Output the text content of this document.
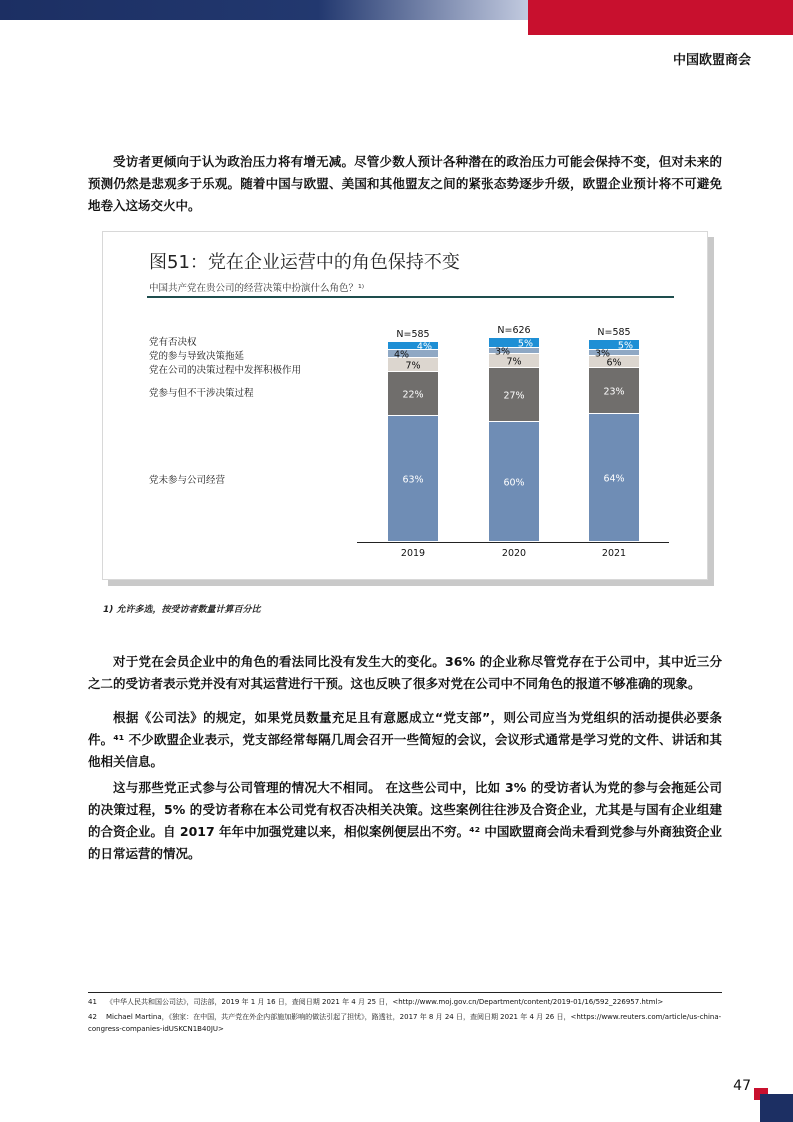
中国欧盟商会

受访者更倾向于认为政治压力将有增无减。尽管少数人预计各种潜在的政治压力可能会保持不变，但对未来的预测仍然是悲观多于乐观。随着中国与欧盟、美国和其他盟友之间的紧张态势逐步升级，欧盟企业预计将不可避免地卷入这场交火中。

图51：党在企业运营中的角色保持不变
中国共产党在贵公司的经营决策中扮演什么角色？¹⁾
党有否决权
党的参与导致决策拖延
党在公司的决策过程中发挥积极作用
党参与但不干涉决策过程
党未参与公司经营	63%
22%
7%
4%
4%
N=585
2019
60%
27%
7%
3%
5%
N=626
2020
64%
23%
6%
3%
5%
N=585
2021
1) 允许多选，按受访者数量计算百分比

对于党在会员企业中的角色的看法同比没有发生大的变化。36% 的企业称尽管党存在于公司中，其中近三分之二的受访者表示党并没有对其运营进行干预。这也反映了很多对党在公司中不同角色的报道不够准确的现象。

根据《公司法》的规定，如果党员数量充足且有意愿成立“党支部”，则公司应当为党组织的活动提供必要条件。⁴¹ 不少欧盟企业表示，党支部经常每隔几周会召开一些简短的会议，会议形式通常是学习党的文件、讲话和其他相关信息。

这与那些党正式参与公司管理的情况大不相同。 在这些公司中，比如 3% 的受访者认为党的参与会拖延公司的决策过程，5% 的受访者称在本公司党有权否决相关决策。这些案例往往涉及合资企业，尤其是与国有企业组建的合资企业。自 2017 年年中加强党建以来，相似案例便层出不穷。⁴² 中国欧盟商会尚未看到党参与外商独资企业的日常运营的情况。

41 《中华人民共和国公司法》，司法部，2019 年 1 月 16 日，查阅日期 2021 年 4 月 25 日，<http://www.moj.gov.cn/Department/content/2019-01/16/592_226957.html>
42 Michael Martina，《独家：在中国，共产党在外企内部施加影响的做法引起了担忧》，路透社，2017 年 8 月 24 日，查阅日期 2021 年 4 月 26 日，<https://www.reuters.com/article/us-china-congress-companies-idUSKCN1B40JU>
47
